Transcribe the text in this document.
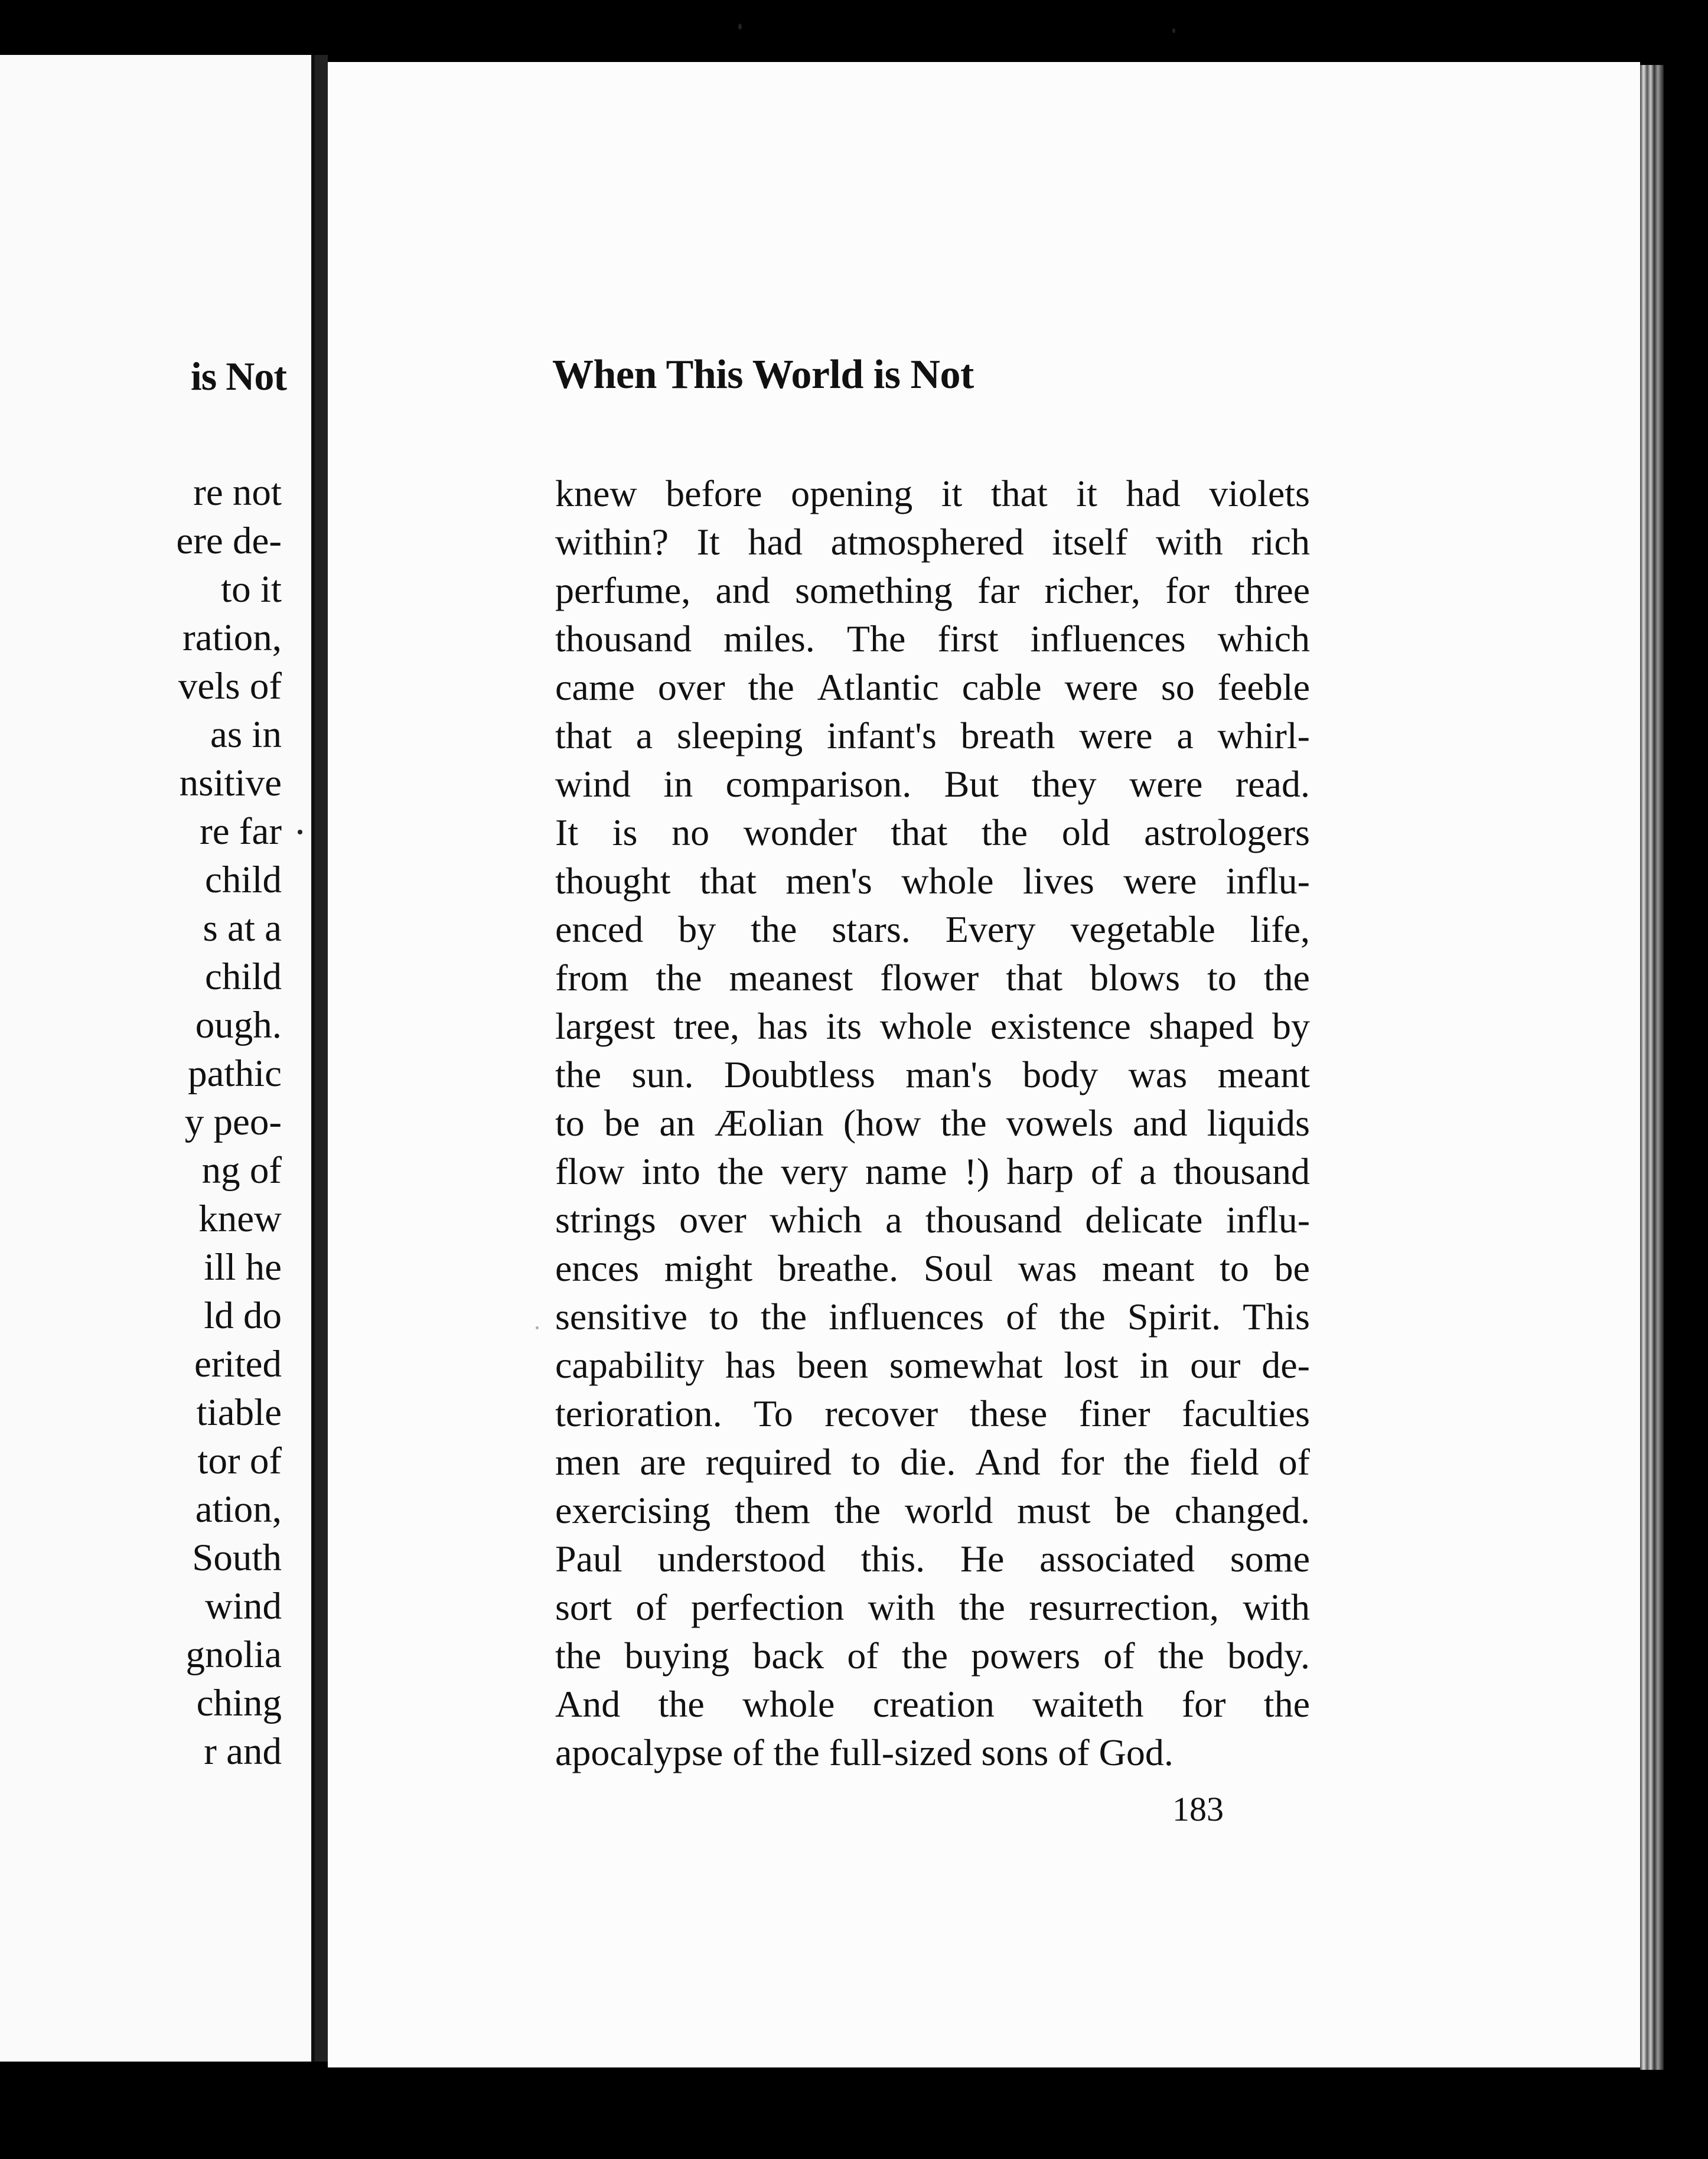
is Not
re not
ere de-
to it
ration,
vels of
as in
nsitive
re far
child
s at a
child
ough.
pathic
y peo-
ng of
knew
ill he
ld do
erited
tiable
tor of
ation,
South
wind
gnolia
ching
r and
When This World is Not
knew before opening it that it had violets
within? It had atmosphered itself with rich
perfume, and something far richer, for three
thousand miles. The first influences which
came over the Atlantic cable were so feeble
that a sleeping infant's breath were a whirl-
wind in comparison. But they were read.
It is no wonder that the old astrologers
thought that men's whole lives were influ-
enced by the stars. Every vegetable life,
from the meanest flower that blows to the
largest tree, has its whole existence shaped by
the sun. Doubtless man's body was meant
to be an Æolian (how the vowels and liquids
flow into the very name !) harp of a thousand
strings over which a thousand delicate influ-
ences might breathe. Soul was meant to be
sensitive to the influences of the Spirit. This
capability has been somewhat lost in our de-
terioration. To recover these finer faculties
men are required to die. And for the field of
exercising them the world must be changed.
Paul understood this. He associated some
sort of perfection with the resurrection, with
the buying back of the powers of the body.
And the whole creation waiteth for the
apocalypse of the full-sized sons of God.
183
